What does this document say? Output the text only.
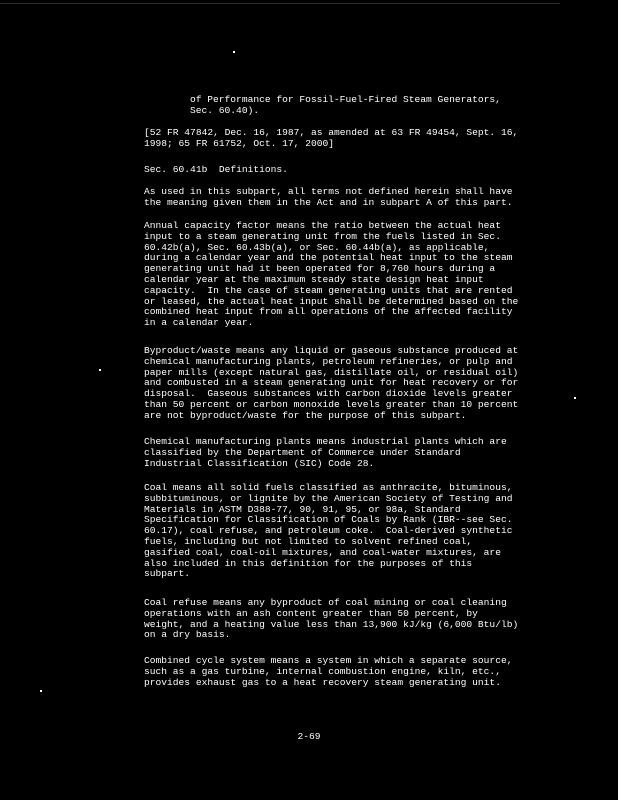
of Performance for Fossil-Fuel-Fired Steam Generators,
Sec. 60.40).
[52 FR 47842, Dec. 16, 1987, as amended at 63 FR 49454, Sept. 16,
1998; 65 FR 61752, Oct. 17, 2000]
Sec. 60.41b  Definitions.
As used in this subpart, all terms not defined herein shall have
the meaning given them in the Act and in subpart A of this part.
Annual capacity factor means the ratio between the actual heat
input to a steam generating unit from the fuels listed in Sec.
60.42b(a), Sec. 60.43b(a), or Sec. 60.44b(a), as applicable,
during a calendar year and the potential heat input to the steam
generating unit had it been operated for 8,760 hours during a
calendar year at the maximum steady state design heat input
capacity.  In the case of steam generating units that are rented
or leased, the actual heat input shall be determined based on the
combined heat input from all operations of the affected facility
in a calendar year.
Byproduct/waste means any liquid or gaseous substance produced at
chemical manufacturing plants, petroleum refineries, or pulp and
paper mills (except natural gas, distillate oil, or residual oil)
and combusted in a steam generating unit for heat recovery or for
disposal.  Gaseous substances with carbon dioxide levels greater
than 50 percent or carbon monoxide levels greater than 10 percent
are not byproduct/waste for the purpose of this subpart.
Chemical manufacturing plants means industrial plants which are
classified by the Department of Commerce under Standard
Industrial Classification (SIC) Code 28.
Coal means all solid fuels classified as anthracite, bituminous,
subbituminous, or lignite by the American Society of Testing and
Materials in ASTM D388-77, 90, 91, 95, or 98a, Standard
Specification for Classification of Coals by Rank (IBR--see Sec.
60.17), coal refuse, and petroleum coke.  Coal-derived synthetic
fuels, including but not limited to solvent refined coal,
gasified coal, coal-oil mixtures, and coal-water mixtures, are
also included in this definition for the purposes of this
subpart.
Coal refuse means any byproduct of coal mining or coal cleaning
operations with an ash content greater than 50 percent, by
weight, and a heating value less than 13,900 kJ/kg (6,000 Btu/lb)
on a dry basis.
Combined cycle system means a system in which a separate source,
such as a gas turbine, internal combustion engine, kiln, etc.,
provides exhaust gas to a heat recovery steam generating unit.
2-69
